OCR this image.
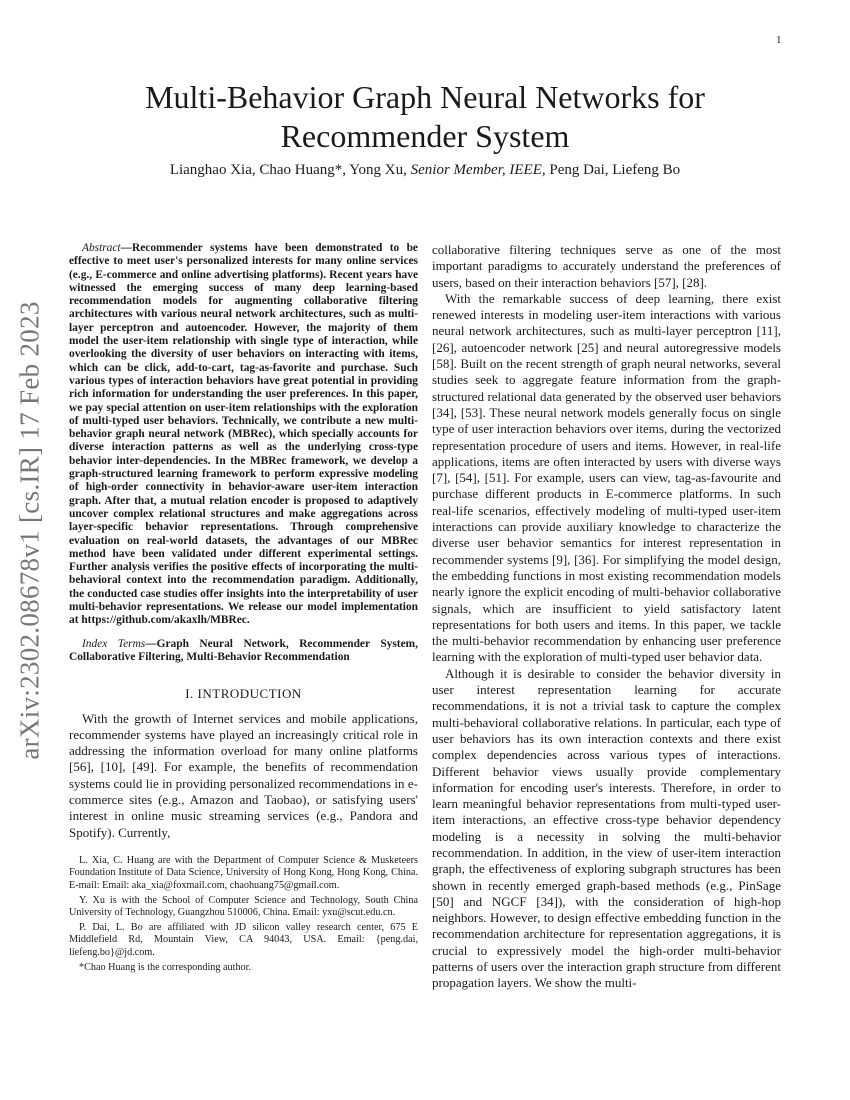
1
arXiv:2302.08678v1 [cs.IR] 17 Feb 2023
Multi-Behavior Graph Neural Networks for Recommender System
Lianghao Xia, Chao Huang*, Yong Xu, Senior Member, IEEE, Peng Dai, Liefeng Bo

Abstract—Recommender systems have been demonstrated to be effective to meet user's personalized interests for many online services (e.g., E-commerce and online advertising platforms). Recent years have witnessed the emerging success of many deep learning-based recommendation models for augmenting collaborative filtering architectures with various neural network architectures, such as multi-layer perceptron and autoencoder. However, the majority of them model the user-item relationship with single type of interaction, while overlooking the diversity of user behaviors on interacting with items, which can be click, add-to-cart, tag-as-favorite and purchase. Such various types of interaction behaviors have great potential in providing rich information for understanding the user preferences. In this paper, we pay special attention on user-item relationships with the exploration of multi-typed user behaviors. Technically, we contribute a new multi-behavior graph neural network (MBRec), which specially accounts for diverse interaction patterns as well as the underlying cross-type behavior inter-dependencies. In the MBRec framework, we develop a graph-structured learning framework to perform expressive modeling of high-order connectivity in behavior-aware user-item interaction graph. After that, a mutual relation encoder is proposed to adaptively uncover complex relational structures and make aggregations across layer-specific behavior representations. Through comprehensive evaluation on real-world datasets, the advantages of our MBRec method have been validated under different experimental settings. Further analysis verifies the positive effects of incorporating the multi-behavioral context into the recommendation paradigm. Additionally, the conducted case studies offer insights into the interpretability of user multi-behavior representations. We release our model implementation at https://github.com/akaxlh/MBRec.

Index Terms—Graph Neural Network, Recommender System, Collaborative Filtering, Multi-Behavior Recommendation

I. INTRODUCTION

With the growth of Internet services and mobile applications, recommender systems have played an increasingly critical role in addressing the information overload for many online platforms [56], [10], [49]. For example, the benefits of recommendation systems could lie in providing personalized recommendations in e-commerce sites (e.g., Amazon and Taobao), or satisfying users' interest in online music streaming services (e.g., Pandora and Spotify). Currently,

L. Xia, C. Huang are with the Department of Computer Science & Musketeers Foundation Institute of Data Science, University of Hong Kong, Hong Kong, China. E-mail: Email: aka_xia@foxmail.com, chaohuang75@gmail.com.

Y. Xu is with the School of Computer Science and Technology, South China University of Technology, Guangzhou 510006, China. Email: yxu@scut.edu.cn.

P. Dai, L. Bo are affiliated with JD silicon valley research center, 675 E Middlefield Rd, Mountain View, CA 94043, USA. Email: {peng.dai, liefeng.bo}@jd.com.

*Chao Huang is the corresponding author.

collaborative filtering techniques serve as one of the most important paradigms to accurately understand the preferences of users, based on their interaction behaviors [57], [28].

With the remarkable success of deep learning, there exist renewed interests in modeling user-item interactions with various neural network architectures, such as multi-layer perceptron [11], [26], autoencoder network [25] and neural autoregressive models [58]. Built on the recent strength of graph neural networks, several studies seek to aggregate feature information from the graph-structured relational data generated by the observed user behaviors [34], [53]. These neural network models generally focus on single type of user interaction behaviors over items, during the vectorized representation procedure of users and items. However, in real-life applications, items are often interacted by users with diverse ways [7], [54], [51]. For example, users can view, tag-as-favourite and purchase different products in E-commerce platforms. In such real-life scenarios, effectively modeling of multi-typed user-item interactions can provide auxiliary knowledge to characterize the diverse user behavior semantics for interest representation in recommender systems [9], [36]. For simplifying the model design, the embedding functions in most existing recommendation models nearly ignore the explicit encoding of multi-behavior collaborative signals, which are insufficient to yield satisfactory latent representations for both users and items. In this paper, we tackle the multi-behavior recommendation by enhancing user preference learning with the exploration of multi-typed user behavior data.

Although it is desirable to consider the behavior diversity in user interest representation learning for accurate recommendations, it is not a trivial task to capture the complex multi-behavioral collaborative relations. In particular, each type of user behaviors has its own interaction contexts and there exist complex dependencies across various types of interactions. Different behavior views usually provide complementary information for encoding user's interests. Therefore, in order to learn meaningful behavior representations from multi-typed user-item interactions, an effective cross-type behavior dependency modeling is a necessity in solving the multi-behavior recommendation. In addition, in the view of user-item interaction graph, the effectiveness of exploring subgraph structures has been shown in recently emerged graph-based methods (e.g., PinSage [50] and NGCF [34]), with the consideration of high-hop neighbors. However, to design effective embedding function in the recommendation architecture for representation aggregations, it is crucial to expressively model the high-order multi-behavior patterns of users over the interaction graph structure from different propagation layers. We show the multi-
